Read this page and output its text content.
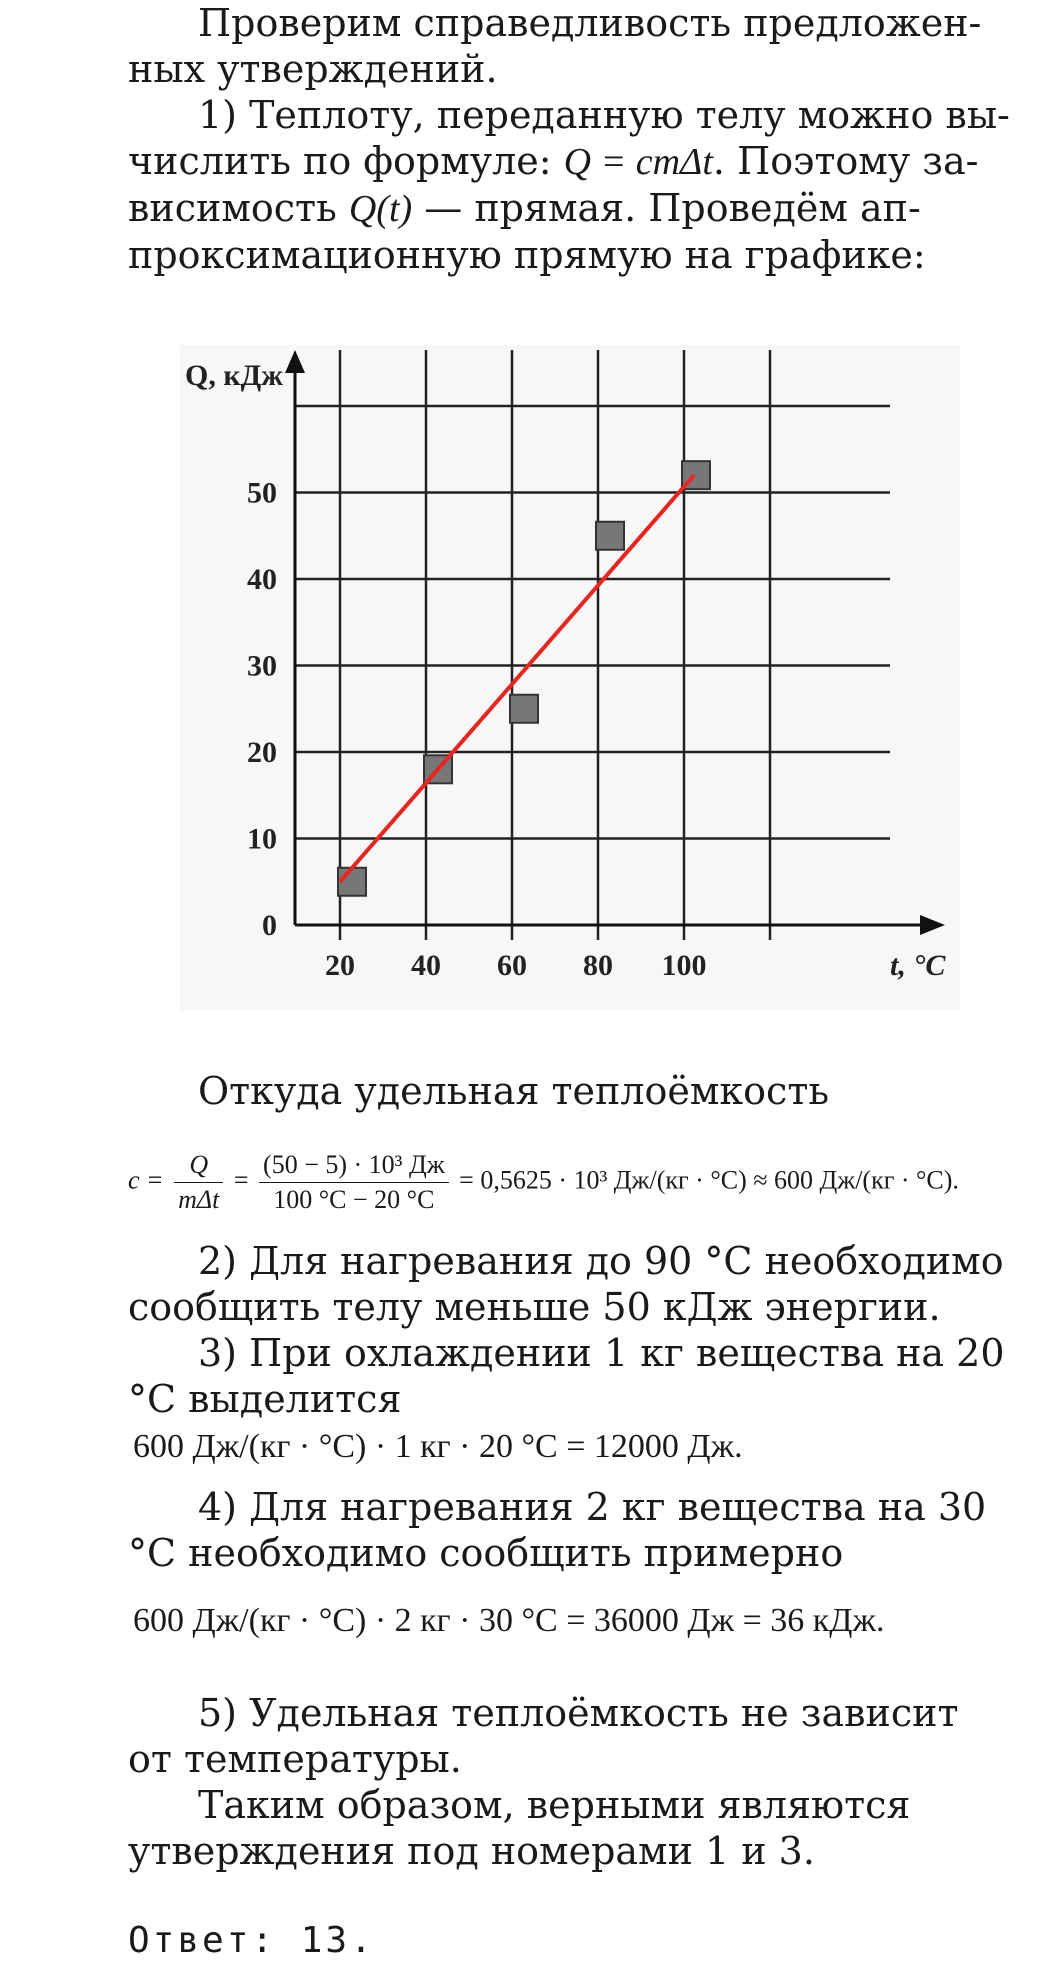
Проверим справедливость предложен-
ных утверждений.
1) Теплоту, переданную телу можно вы-
числить по формуле: Q = cmΔt. Поэтому за-
висимость Q(t) — прямая. Проведём ап-
проксимационную прямую на графике:
20 40 60 80 100
0
10
20
30
40
50
Q, кДж
t, °C
Откуда удельная теплоёмкость
$c = \frac{Q}{\text{mΔt}} = \frac{\text{(50 − 5) · 10³ Дж}}{100 ^\circ C - 20 ^\circ C} = 0,5625 \cdot 10^3$ Дж/(кг · °C) ≈ 600 Дж/(кг · °C).
2) Для нагревания до 90 °C необходимо
сообщить телу меньше 50 кДж энергии.
3) При охлаждении 1 кг вещества на 20
°C выделится
600 Дж/(кг · °C) · 1 кг · 20 °C = 12000 Дж.
4) Для нагревания 2 кг вещества на 30
°C необходимо сообщить примерно
600 Дж/(кг · °C) · 2 кг · 30 °C = 36000 Дж = 36 кДж.
5) Удельная теплоёмкость не зависит
от температуры.
Таким образом, верными являются
утверждения под номерами 1 и 3.
Ответ: 13.
